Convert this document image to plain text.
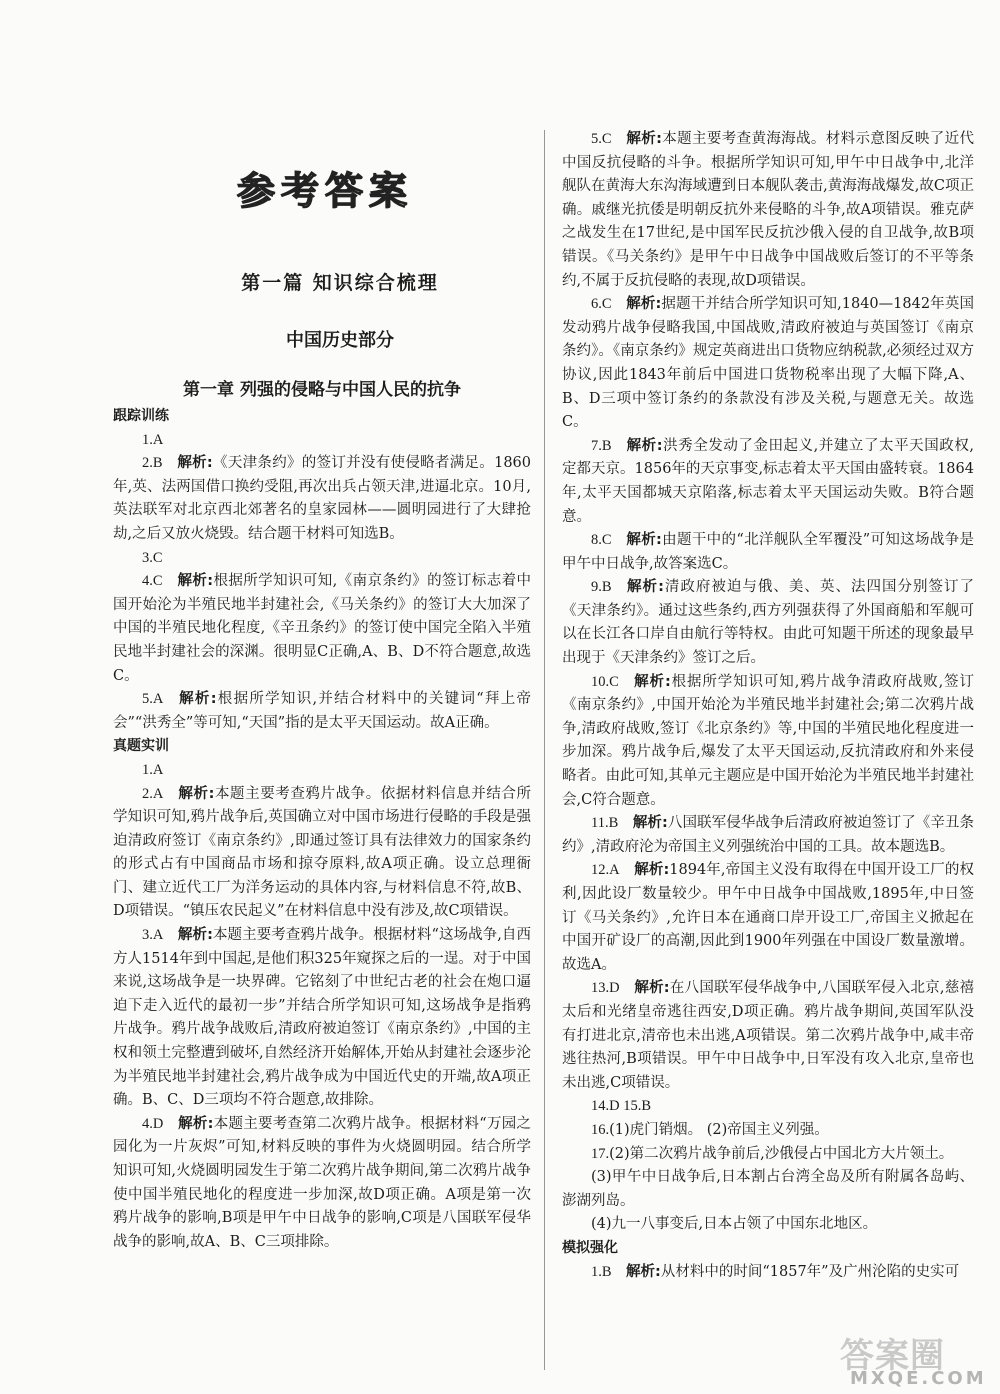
参考答案
第一篇 知识综合梳理
中国历史部分
第一章 列强的侵略与中国人民的抗争
跟踪训练

1.A

2.B  解析:《天津条约》的签订并没有使侵略者满足。1860年,英、法两国借口换约受阻,再次出兵占领天津,进逼北京。10月,英法联军对北京西北郊著名的皇家园林——圆明园进行了大肆抢劫,之后又放火烧毁。结合题干材料可知选B。

3.C

4.C  解析:根据所学知识可知,《南京条约》的签订标志着中国开始沦为半殖民地半封建社会,《马关条约》的签订大大加深了中国的半殖民地化程度,《辛丑条约》的签订使中国完全陷入半殖民地半封建社会的深渊。很明显C正确,A、B、D不符合题意,故选C。

5.A  解析:根据所学知识,并结合材料中的关键词“拜上帝会”“洪秀全”等可知,“天国”指的是太平天国运动。故A正确。

真题实训

1.A

2.A  解析:本题主要考查鸦片战争。依据材料信息并结合所学知识可知,鸦片战争后,英国确立对中国市场进行侵略的手段是强迫清政府签订《南京条约》,即通过签订具有法律效力的国家条约的形式占有中国商品市场和掠夺原料,故A项正确。设立总理衙门、建立近代工厂为洋务运动的具体内容,与材料信息不符,故B、D项错误。“镇压农民起义”在材料信息中没有涉及,故C项错误。

3.A  解析:本题主要考查鸦片战争。根据材料“这场战争,自西方人1514年到中国起,是他们积325年窥探之后的一逞。对于中国来说,这场战争是一块界碑。它铭刻了中世纪古老的社会在炮口逼迫下走入近代的最初一步”并结合所学知识可知,这场战争是指鸦片战争。鸦片战争战败后,清政府被迫签订《南京条约》,中国的主权和领土完整遭到破坏,自然经济开始解体,开始从封建社会逐步沦为半殖民地半封建社会,鸦片战争成为中国近代史的开端,故A项正确。B、C、D三项均不符合题意,故排除。

4.D  解析:本题主要考查第二次鸦片战争。根据材料“万园之园化为一片灰烬”可知,材料反映的事件为火烧圆明园。结合所学知识可知,火烧圆明园发生于第二次鸦片战争期间,第二次鸦片战争使中国半殖民地化的程度进一步加深,故D项正确。A项是第一次鸦片战争的影响,B项是甲午中日战争的影响,C项是八国联军侵华战争的影响,故A、B、C三项排除。

5.C  解析:本题主要考查黄海海战。材料示意图反映了近代中国反抗侵略的斗争。根据所学知识可知,甲午中日战争中,北洋舰队在黄海大东沟海域遭到日本舰队袭击,黄海海战爆发,故C项正确。戚继光抗倭是明朝反抗外来侵略的斗争,故A项错误。雅克萨之战发生在17世纪,是中国军民反抗沙俄入侵的自卫战争,故B项错误。《马关条约》是甲午中日战争中国战败后签订的不平等条约,不属于反抗侵略的表现,故D项错误。

6.C  解析:据题干并结合所学知识可知,1840—1842年英国发动鸦片战争侵略我国,中国战败,清政府被迫与英国签订《南京条约》。《南京条约》规定英商进出口货物应纳税款,必须经过双方协议,因此1843年前后中国进口货物税率出现了大幅下降,A、B、D三项中签订条约的条款没有涉及关税,与题意无关。故选C。

7.B  解析:洪秀全发动了金田起义,并建立了太平天国政权,定都天京。1856年的天京事变,标志着太平天国由盛转衰。1864年,太平天国都城天京陷落,标志着太平天国运动失败。B符合题意。

8.C  解析:由题干中的“北洋舰队全军覆没”可知这场战争是甲午中日战争,故答案选C。

9.B  解析:清政府被迫与俄、美、英、法四国分别签订了《天津条约》。通过这些条约,西方列强获得了外国商船和军舰可以在长江各口岸自由航行等特权。由此可知题干所述的现象最早出现于《天津条约》签订之后。

10.C  解析:根据所学知识可知,鸦片战争清政府战败,签订《南京条约》,中国开始沦为半殖民地半封建社会;第二次鸦片战争,清政府战败,签订《北京条约》等,中国的半殖民地化程度进一步加深。鸦片战争后,爆发了太平天国运动,反抗清政府和外来侵略者。由此可知,其单元主题应是中国开始沦为半殖民地半封建社会,C符合题意。

11.B  解析:八国联军侵华战争后清政府被迫签订了《辛丑条约》,清政府沦为帝国主义列强统治中国的工具。故本题选B。

12.A  解析:1894年,帝国主义没有取得在中国开设工厂的权利,因此设厂数量较少。甲午中日战争中国战败,1895年,中日签订《马关条约》,允许日本在通商口岸开设工厂,帝国主义掀起在中国开矿设厂的高潮,因此到1900年列强在中国设厂数量激增。故选A。

13.D  解析:在八国联军侵华战争中,八国联军侵入北京,慈禧太后和光绪皇帝逃往西安,D项正确。鸦片战争期间,英国军队没有打进北京,清帝也未出逃,A项错误。第二次鸦片战争中,咸丰帝逃往热河,B项错误。甲午中日战争中,日军没有攻入北京,皇帝也未出逃,C项错误。

14.D 15.B

16.(1)虎门销烟。 (2)帝国主义列强。

17.(2)第二次鸦片战争前后,沙俄侵占中国北方大片领土。

(3)甲午中日战争后,日本割占台湾全岛及所有附属各岛屿、澎湖列岛。

(4)九一八事变后,日本占领了中国东北地区。

模拟强化

1.B  解析:从材料中的时间“1857年”及广州沦陷的史实可

答案圈
MXQE.COM
